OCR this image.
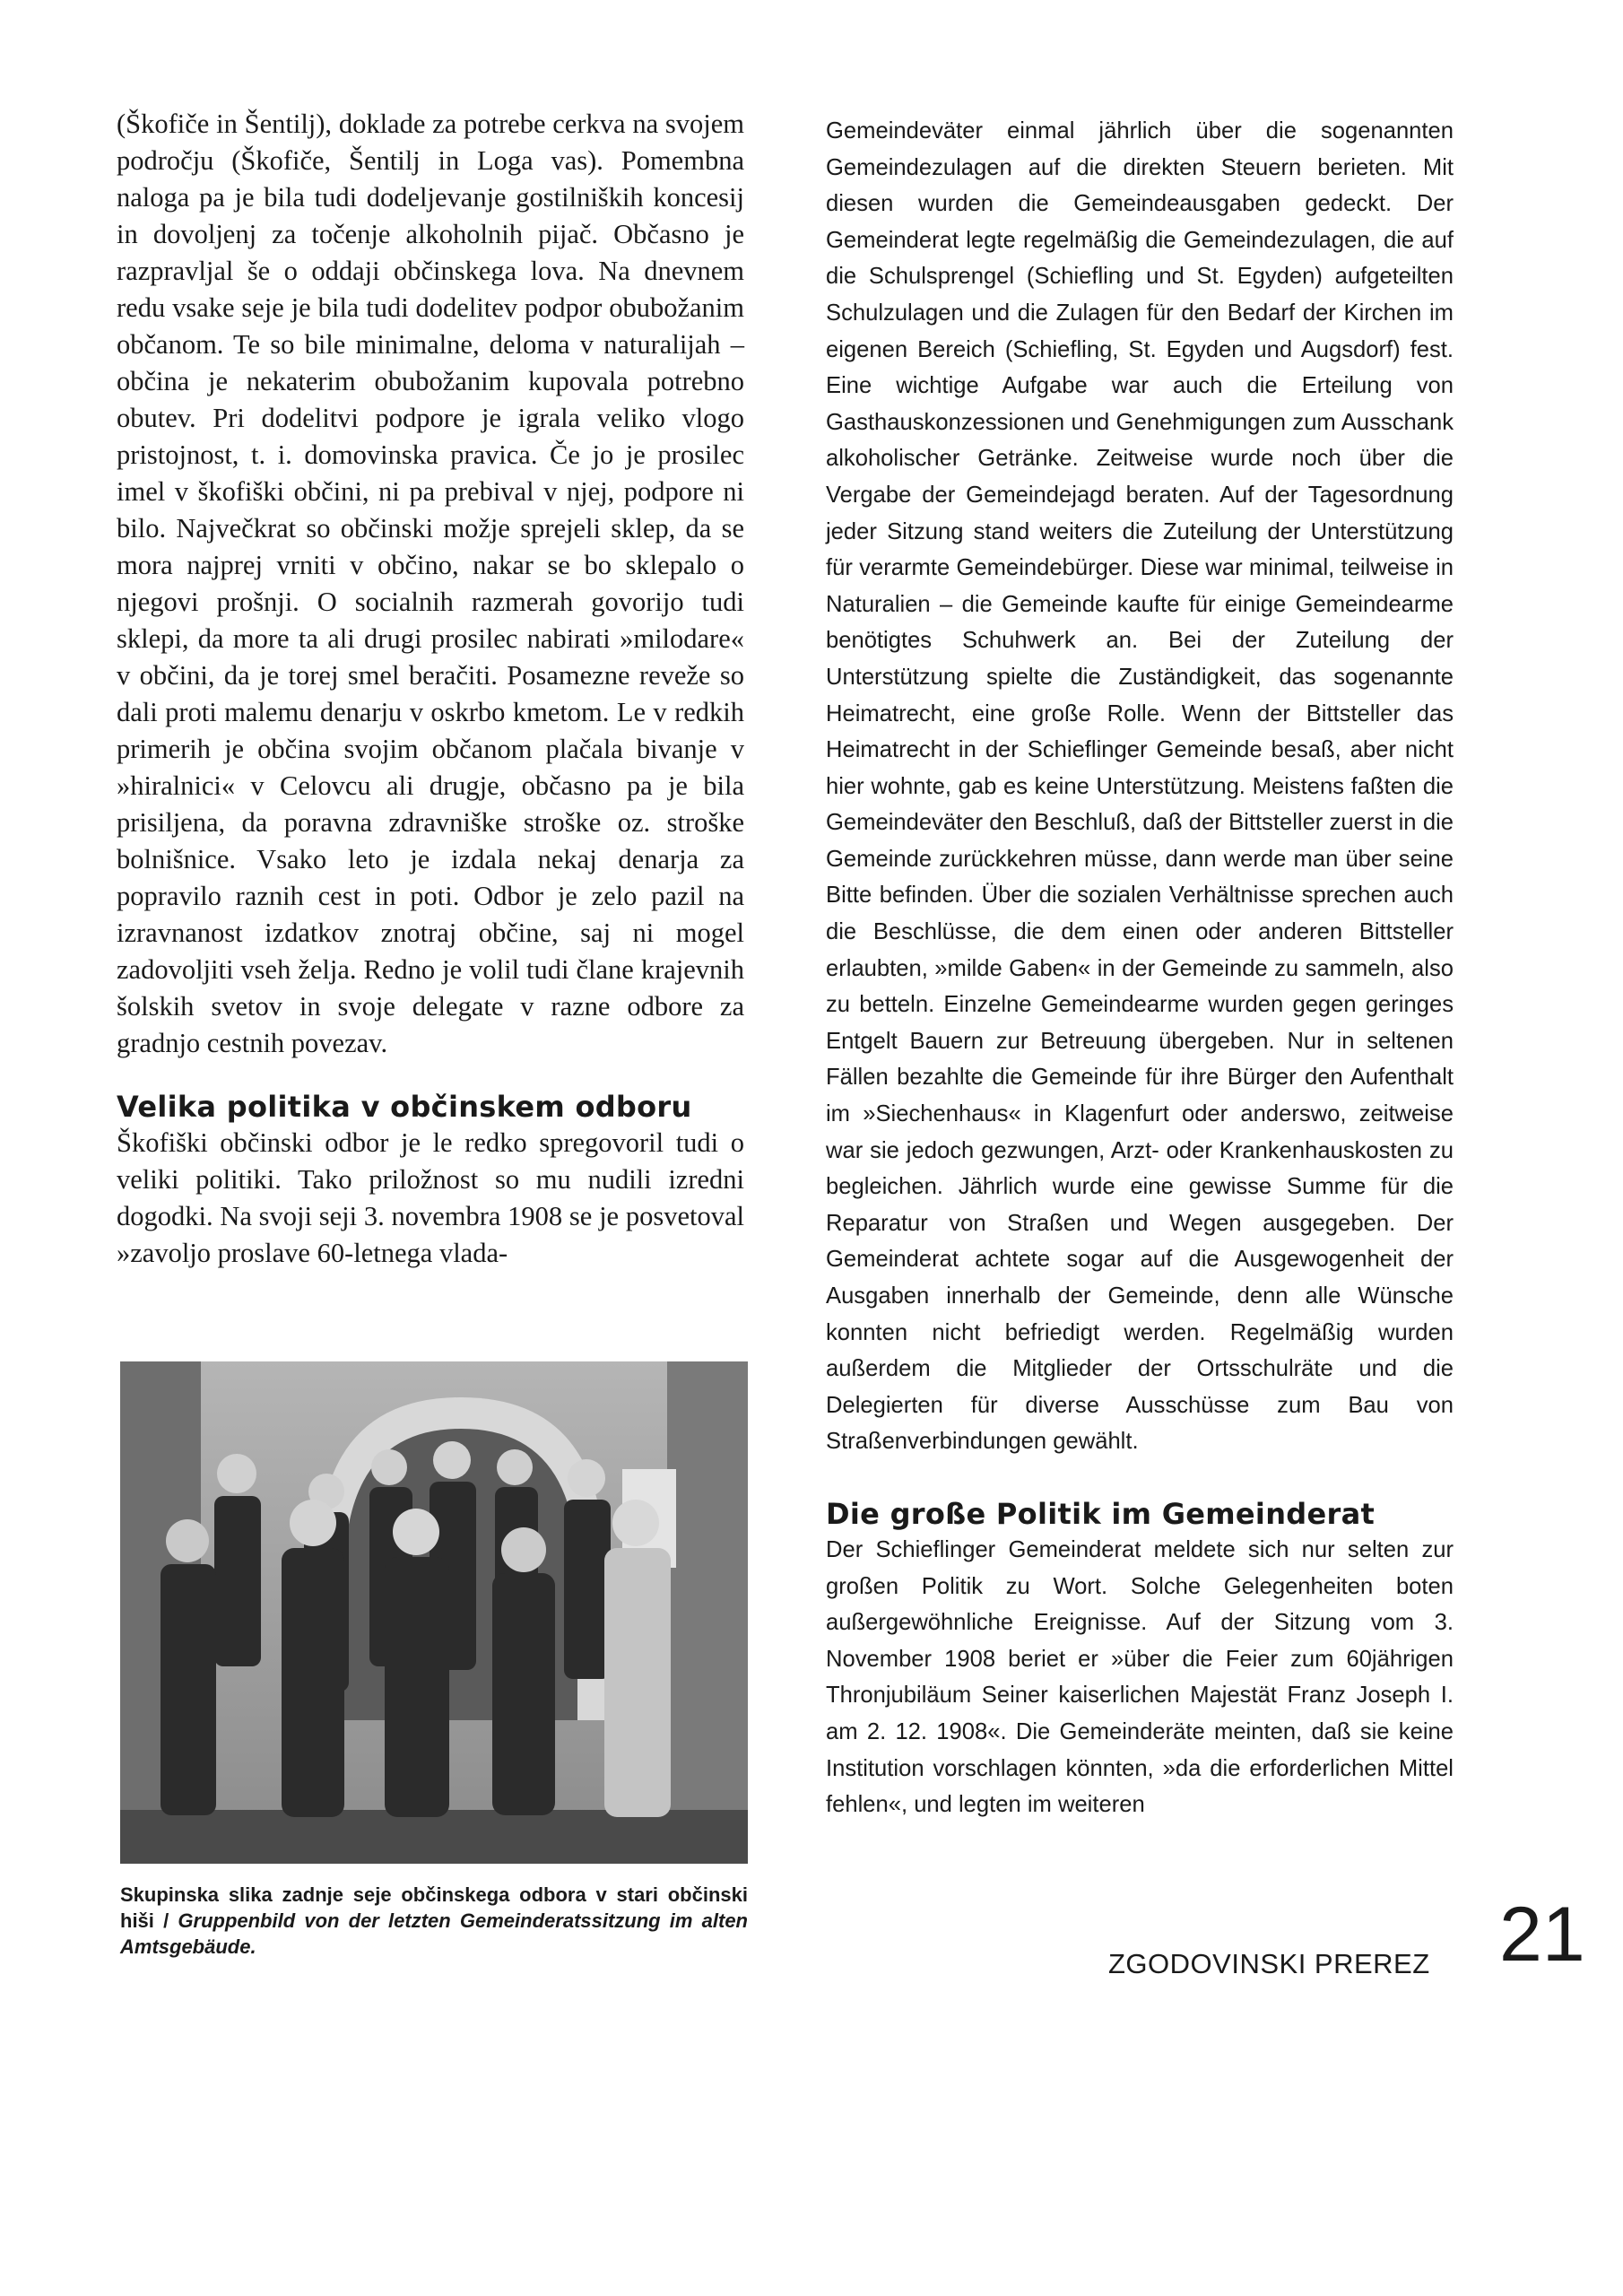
(Škofiče in Šentilj), doklade za potrebe cerkva na svojem področju (Škofiče, Šentilj in Loga vas). Pomembna naloga pa je bila tudi dodeljevanje gostilniških koncesij in dovoljenj za točenje alkoholnih pijač. Občasno je razpravljal še o oddaji občinskega lova. Na dnevnem redu vsake seje je bila tudi dodelitev podpor obubožanim občanom. Te so bile minimalne, deloma v naturalijah – občina je nekaterim obubožanim kupovala potrebno obutev. Pri dodelitvi podpore je igrala veliko vlogo pristojnost, t. i. domovinska pravica. Če jo je prosilec imel v škofiški občini, ni pa prebival v njej, podpore ni bilo. Največkrat so občinski možje sprejeli sklep, da se mora najprej vrniti v občino, nakar se bo sklepalo o njegovi prošnji. O socialnih razmerah govorijo tudi sklepi, da more ta ali drugi prosilec nabirati »milodare« v občini, da je torej smel beračiti. Posamezne reveže so dali proti malemu denarju v oskrbo kmetom. Le v redkih primerih je občina svojim občanom plačala bivanje v »hiralnici« v Celovcu ali drugje, občasno pa je bila prisiljena, da poravna zdravniške stroške oz. stroške bolnišnice. Vsako leto je izdala nekaj denarja za popravilo raznih cest in poti. Odbor je zelo pazil na izravnanost izdatkov znotraj občine, saj ni mogel zadovoljiti vseh želja. Redno je volil tudi člane krajevnih šolskih svetov in svoje delegate v razne odbore za gradnjo cestnih povezav.

Velika politika v občinskem odboru

Škofiški občinski odbor je le redko spregovoril tudi o veliki politiki. Tako priložnost so mu nudili izredni dogodki. Na svoji seji 3. novembra 1908 se je posvetoval »zavoljo proslave 60-letnega vlada-

Skupinska slika zadnje seje občinskega odbora v stari občinski hiši / Gruppenbild von der letzten Gemeinderatssitzung im alten Amtsgebäude.

Gemeindeväter einmal jährlich über die sogenannten Gemeindezulagen auf die direkten Steuern berieten. Mit diesen wurden die Gemeindeausgaben gedeckt. Der Gemeinderat legte regelmäßig die Gemeindezulagen, die auf die Schulsprengel (Schiefling und St. Egyden) aufgeteilten Schulzulagen und die Zulagen für den Bedarf der Kirchen im eigenen Bereich (Schiefling, St. Egyden und Augsdorf) fest. Eine wichtige Aufgabe war auch die Erteilung von Gasthauskonzessionen und Genehmigungen zum Ausschank alkoholischer Getränke. Zeitweise wurde noch über die Vergabe der Gemeindejagd beraten. Auf der Tagesordnung jeder Sitzung stand weiters die Zuteilung der Unterstützung für verarmte Gemeindebürger. Diese war minimal, teilweise in Naturalien – die Gemeinde kaufte für einige Gemeindearme benötigtes Schuhwerk an. Bei der Zuteilung der Unterstützung spielte die Zuständigkeit, das sogenannte Heimatrecht, eine große Rolle. Wenn der Bittsteller das Heimatrecht in der Schieflinger Gemeinde besaß, aber nicht hier wohnte, gab es keine Unterstützung. Meistens faßten die Gemeindeväter den Beschluß, daß der Bittsteller zuerst in die Gemeinde zurückkehren müsse, dann werde man über seine Bitte befinden. Über die sozialen Verhältnisse sprechen auch die Beschlüsse, die dem einen oder anderen Bittsteller erlaubten, »milde Gaben« in der Gemeinde zu sammeln, also zu betteln. Einzelne Gemeindearme wurden gegen geringes Entgelt Bauern zur Betreuung übergeben. Nur in seltenen Fällen bezahlte die Gemeinde für ihre Bürger den Aufenthalt im »Siechenhaus« in Klagenfurt oder anderswo, zeitweise war sie jedoch gezwungen, Arzt- oder Krankenhauskosten zu begleichen. Jährlich wurde eine gewisse Summe für die Reparatur von Straßen und Wegen ausgegeben. Der Gemeinderat achtete sogar auf die Ausgewogenheit der Ausgaben innerhalb der Gemeinde, denn alle Wünsche konnten nicht befriedigt werden. Regelmäßig wurden außerdem die Mitglieder der Ortsschulräte und die Delegierten für diverse Ausschüsse zum Bau von Straßenverbindungen gewählt.

Die große Politik im Gemeinderat

Der Schieflinger Gemeinderat meldete sich nur selten zur großen Politik zu Wort. Solche Gelegenheiten boten außergewöhnliche Ereignisse. Auf der Sitzung vom 3. November 1908 beriet er »über die Feier zum 60jährigen Thronjubiläum Seiner kaiserlichen Majestät Franz Joseph I. am 2. 12. 1908«. Die Gemeinderäte meinten, daß sie keine Institution vorschlagen könnten, »da die erforderlichen Mittel fehlen«, und legten im weiteren

ZGODOVINSKI PREREZ 21
